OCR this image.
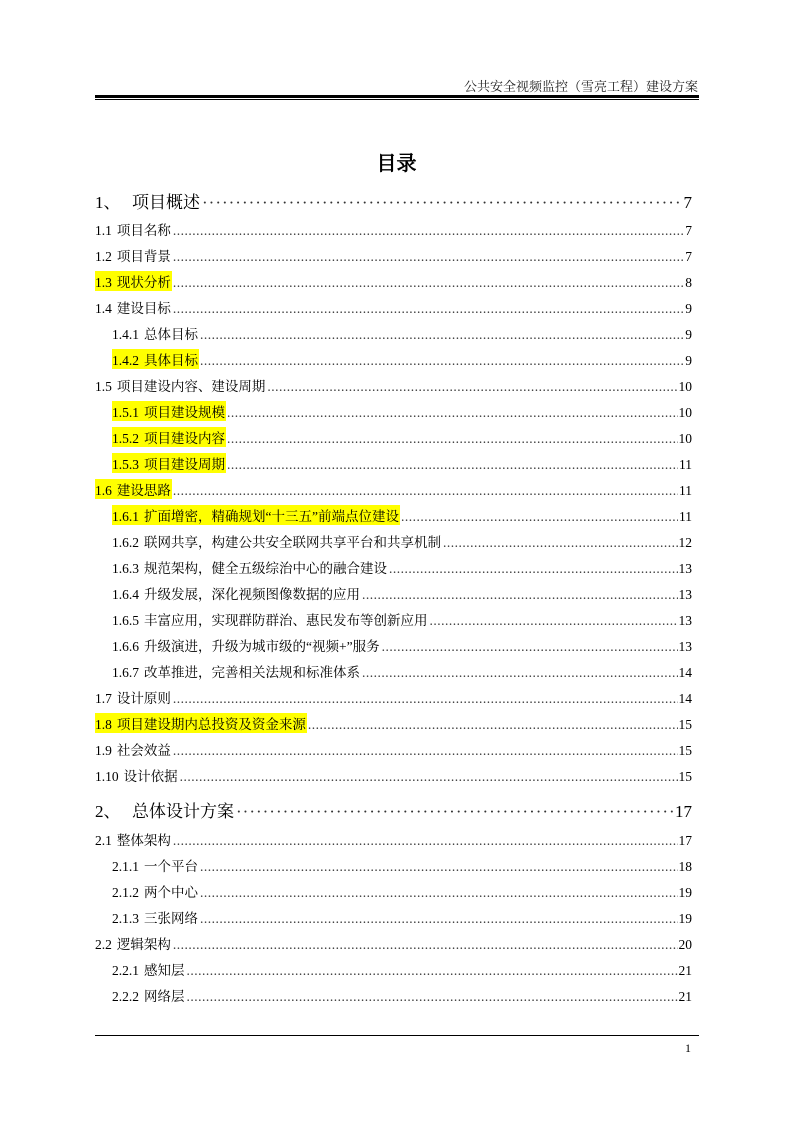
公共安全视频监控（雪亮工程）建设方案
目录
1、 项目概述 ·····	7
1.1 项目名称 .....	7
1.2 项目背景 .....	7
1.3 现状分析 .....	8
1.4 建设目标 .....	9
1.4.1 总体目标 .....	9
1.4.2 具体目标 .....	9
1.5 项目建设内容、建设周期 .....	10
1.5.1 项目建设规模 .....	10
1.5.2 项目建设内容 .....	10
1.5.3 项目建设周期 .....	11
1.6 建设思路 .....	11
1.6.1 扩面增密，精确规划“十三五”前端点位建设 .....	11
1.6.2 联网共享，构建公共安全联网共享平台和共享机制 .....	12
1.6.3 规范架构，健全五级综治中心的融合建设 .....	13
1.6.4 升级发展，深化视频图像数据的应用 .....	13
1.6.5 丰富应用，实现群防群治、惠民发布等创新应用 .....	13
1.6.6 升级演进，升级为城市级的“视频+”服务 .....	13
1.6.7 改革推进，完善相关法规和标准体系 .....	14
1.7 设计原则 .....	14
1.8 项目建设期内总投资及资金来源 .....	15
1.9 社会效益 .....	15
1.10 设计依据 .....	15
2、 总体设计方案 ·····	17
2.1 整体架构 .....	17
2.1.1 一个平台 .....	18
2.1.2 两个中心 .....	19
2.1.3 三张网络 .....	19
2.2 逻辑架构 .....	20
2.2.1 感知层 .....	21
2.2.2 网络层 .....	21
1
